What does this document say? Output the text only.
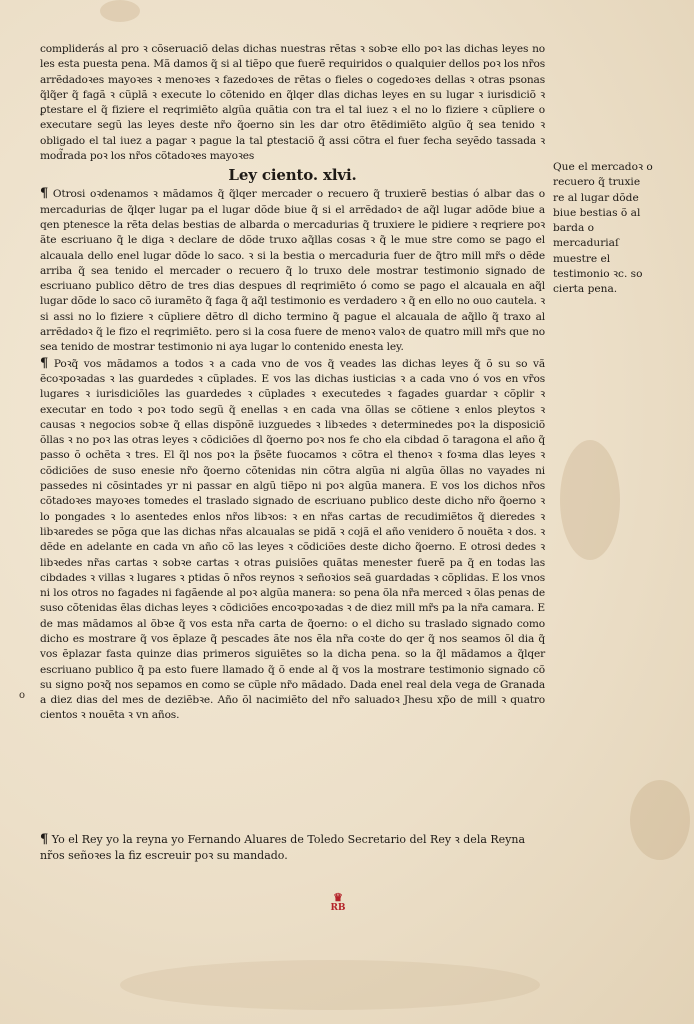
compliderás al pro ꝛ cõseruaciõ delas dichas nuestras rẽtas ꝛ sobꝛe ello poꝛ las dichas leyes no les esta puesta pena. Mã damos q̃ si al tiẽpo que fuerẽ requiridos o qualquier dellos poꝛ los nr̃os arrẽdadoꝛes mayoꝛes ꝛ menoꝛes ꝛ fazedoꝛes de rẽtas o fieles o cogedoꝛes dellas ꝛ otras psonas q̃lq̃er q̃ fagã ꝛ cũplã ꝛ execute lo cõtenido en q̃lqer dlas dichas leyes en su lugar ꝛ iurisdiciõ ꝛ ꝑtestare el q̃ fiziere el reqrimiẽto algũa quãtia con tra el tal iuez ꝛ el no lo fiziere ꝛ cũpliere o executare segũ las leyes deste nr̃o q̃oerno sin les dar otro ẽtẽdimiẽto algũo q̃ sea tenido ꝛ obligado el tal iuez a pagar ꝛ pague la tal ꝑtestaciõ q̃ assi cõtra el fuer fecha seyẽdo tassada ꝛ mod̃rada poꝛ los nr̃os cõtadoꝛes mayoꝛes

Ley ciento. xlvi.

¶ Otrosi oꝛdenamos ꝛ mãdamos q̃ q̃lqer mercader o recuero q̃ truxierẽ bestias ó albar das o mercadurias de q̃lqer lugar pa el lugar dõde biue q̃ si el arrẽdadoꝛ de aq̃l lugar adõde biue a qen ptenesce la rẽta delas bestias de albarda o mercadurias q̃ truxiere le pidiere ꝛ reqriere poꝛ ãte escriuano q̃ le diga ꝛ declare de dõde truxo aq̃llas cosas ꝛ q̃ le mue stre como se pago el alcauala dello enel lugar dõde lo saco. ꝛ si la bestia o mercaduria fuer de q̃tro mill mr̃s o dẽde arriba q̃ sea tenido el mercader o recuero q̃ lo truxo dele mostrar testimonio signado de escriuano publico dẽtro de tres dias despues dl reqrimiẽto ó como se pago el alcauala en aq̃l lugar dõde lo saco cõ iuramẽto q̃ faga q̃ aq̃l testimonio es verdadero ꝛ q̃ en ello no ouo cautela. ꝛ si assi no lo fiziere ꝛ cũpliere dẽtro dl dicho termino q̃ pague el alcauala de aq̃llo q̃ traxo al arrẽdadoꝛ q̃ le fizo el reqrimiẽto. pero si la cosa fuere de menoꝛ valoꝛ de quatro mill mr̃s que no sea tenido de mostrar testimonio ni aya lugar lo contenido enesta ley.

¶ Poꝛq̃ vos mãdamos a todos ꝛ a cada vno de vos q̃ veades las dichas leyes q̃ õ su so vã ẽcoꝛpoꝛadas ꝛ las guardedes ꝛ cũplades. E vos las dichas iusticias ꝛ a cada vno ó vos en vr̃os lugares ꝛ iurisdiciõles las guardedes ꝛ cũplades ꝛ executedes ꝛ fagades guardar ꝛ cõplir ꝛ executar en todo ꝛ poꝛ todo segũ q̃ enellas ꝛ en cada vna õllas se cõtiene ꝛ enlos pleytos ꝛ causas ꝛ negocios sobꝛe q̃ ellas dispõnẽ iuzguedes ꝛ libꝛedes ꝛ determinedes poꝛ la disposiciõ õllas ꝛ no poꝛ las otras leyes ꝛ cõdiciões dl q̃oerno poꝛ nos fe cho ela cibdad õ taragona el año q̃ passo õ ochẽta ꝛ tres. El q̃l nos poꝛ la p̃sẽte fuocamos ꝛ cõtra el thenoꝛ ꝛ foꝛma dlas leyes ꝛ cõdiciões de suso enesie nr̃o q̃oerno cõtenidas nin cõtra algũa ni algũa õllas no vayades ni passedes ni cõsintades yr ni passar en algũ tiẽpo ni poꝛ algũa manera. E vos los dichos nr̃os cõtadoꝛes mayoꝛes tomedes el traslado signado de escriuano publico deste dicho nr̃o q̃oerno ꝛ lo pongades ꝛ lo asentedes enlos nr̃os libꝛos: ꝛ en nr̃as cartas de recudimiẽtos q̃ dieredes ꝛ libꝛaredes se põga que las dichas nr̃as alcaualas se pidã ꝛ cojã el año venidero õ nouẽta ꝛ dos. ꝛ dẽde en adelante en cada vn año cõ las leyes ꝛ cõdiciões deste dicho q̃oerno. E otrosi dedes ꝛ libꝛedes nr̃as cartas ꝛ sobꝛe cartas ꝛ otras ꝑuisiões quãtas menester fuerẽ pa q̃ en todas las cibdades ꝛ villas ꝛ lugares ꝛ ptidas õ nr̃os reynos ꝛ señoꝛios seã guardadas ꝛ cõplidas. E los vnos ni los otros no fagades ni fagãende al poꝛ algũa manera: so pena õla nr̃a merced ꝛ õlas penas de suso cõtenidas ẽlas dichas leyes ꝛ cõdiciões encoꝛpoꝛadas ꝛ de diez mill mr̃s pa la nr̃a camara. E de mas mãdamos al õbꝛe q̃ vos esta nr̃a carta de q̃oerno: o el dicho su traslado signado como dicho es mostrare q̃ vos ẽplaze q̃ pescades ãte nos ẽla nr̃a coꝛte do qer q̃ nos seamos õl dia q̃ vos ẽplazar fasta quinze dias primeros siguiẽtes so la dicha pena. so la q̃l mãdamos a q̃lqer escriuano publico q̃ pa esto fuere llamado q̃ õ ende al q̃ vos la mostrare testimonio signado cõ su signo poꝛq̃ nos sepamos en como se cũple nr̃o mãdado. Dada enel real dela vega de Granada a diez dias del mes de deziẽbꝛe. Año õl nacimiẽto del nr̃o saluadoꝛ Jhesu xp̃o de mill ꝛ quatro cientos ꝛ nouẽta ꝛ vn años.

Que el mercadoꝛ o recuero q̃ truxie re al lugar dõde biue bestias õ al barda o mercaduriaſ muestre el testimonio ꝛc. so cierta pena.
o
¶ Yo el Rey yo la reyna yo Fernando Aluares de Toledo Secretario del Rey ꝛ dela Reyna nr̃os señoꝛes la fiz escreuir poꝛ su mandado.
♛
RB
